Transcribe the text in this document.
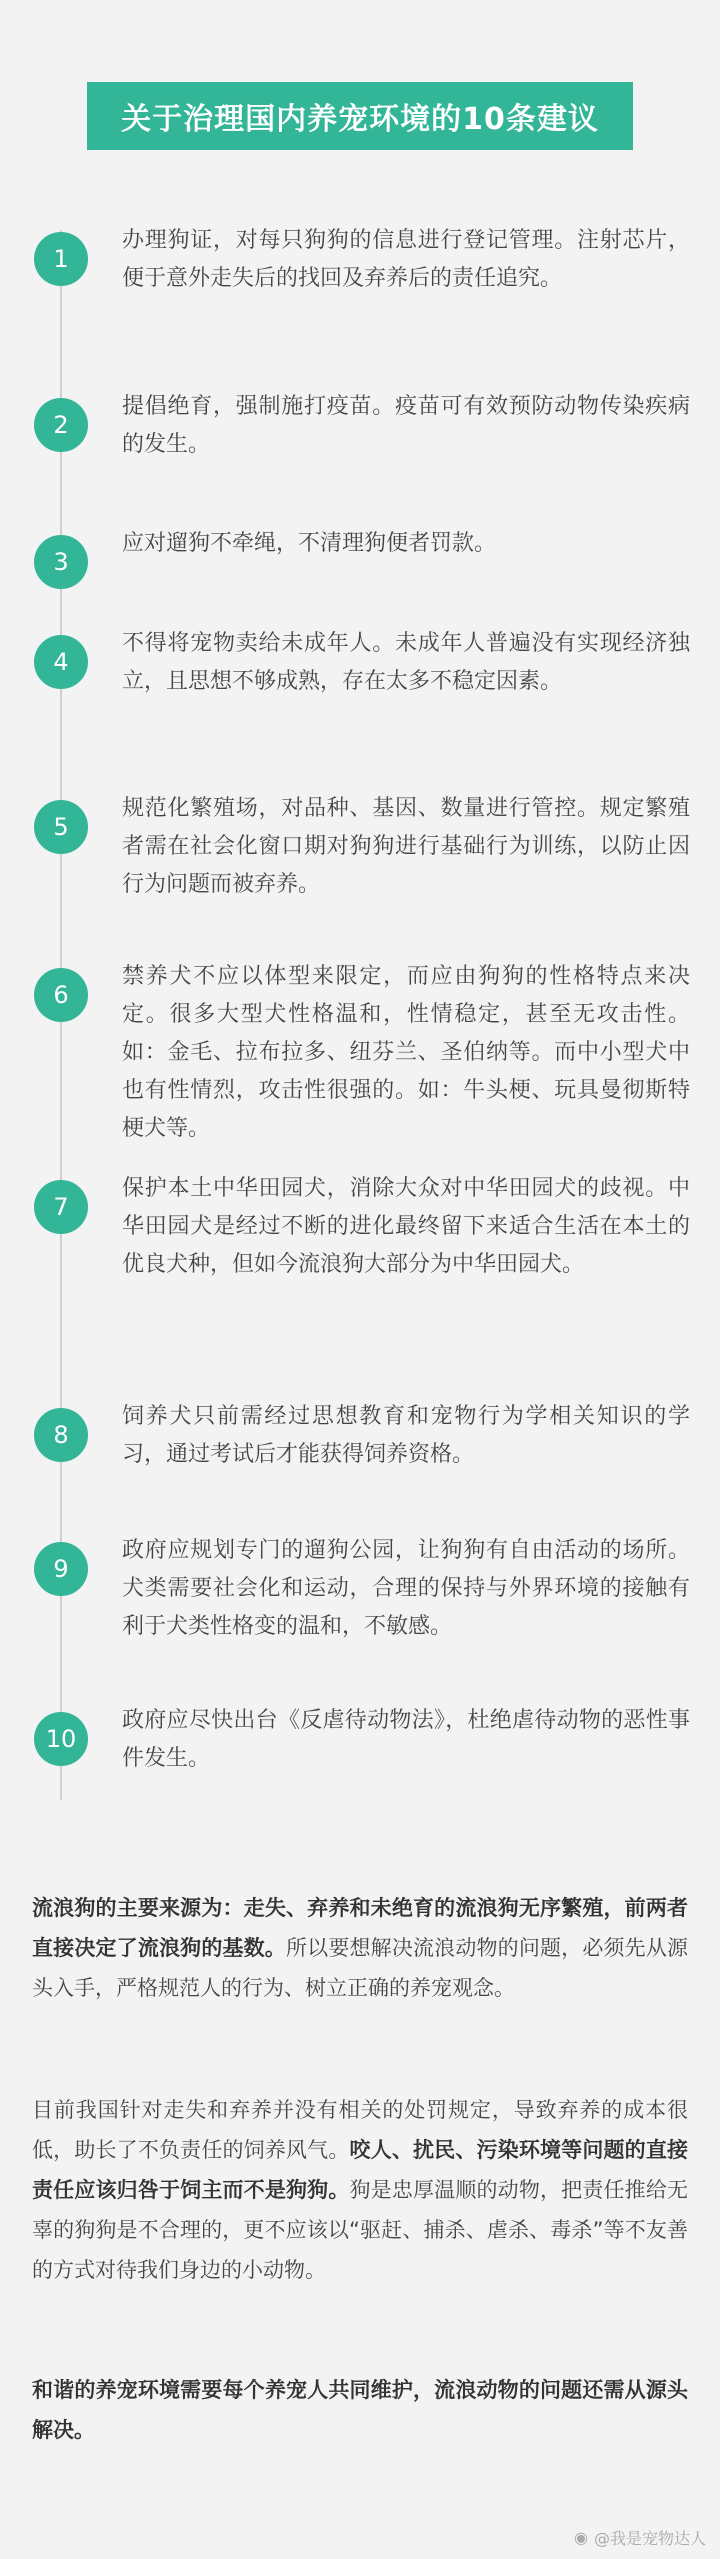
关于治理国内养宠环境的10条建议
1

办理狗证，对每只狗狗的信息进行登记管理。注射芯片，便于意外走失后的找回及弃养后的责任追究。

2

提倡绝育，强制施打疫苗。疫苗可有效预防动物传染疾病的发生。

3

应对遛狗不牵绳，不清理狗便者罚款。

4

不得将宠物卖给未成年人。未成年人普遍没有实现经济独立，且思想不够成熟，存在太多不稳定因素。

5

规范化繁殖场，对品种、基因、数量进行管控。规定繁殖者需在社会化窗口期对狗狗进行基础行为训练，以防止因行为问题而被弃养。

6

禁养犬不应以体型来限定，而应由狗狗的性格特点来决定。很多大型犬性格温和，性情稳定，甚至无攻击性。如：金毛、拉布拉多、纽芬兰、圣伯纳等。而中小型犬中也有性情烈，攻击性很强的。如：牛头梗、玩具曼彻斯特梗犬等。

7

保护本土中华田园犬，消除大众对中华田园犬的歧视。中华田园犬是经过不断的进化最终留下来适合生活在本土的优良犬种，但如今流浪狗大部分为中华田园犬。

8

饲养犬只前需经过思想教育和宠物行为学相关知识的学习，通过考试后才能获得饲养资格。

9

政府应规划专门的遛狗公园，让狗狗有自由活动的场所。犬类需要社会化和运动，合理的保持与外界环境的接触有利于犬类性格变的温和，不敏感。

10

政府应尽快出台《反虐待动物法》，杜绝虐待动物的恶性事件发生。

流浪狗的主要来源为：走失、弃养和未绝育的流浪狗无序繁殖，前两者直接决定了流浪狗的基数。所以要想解决流浪动物的问题，必须先从源头入手，严格规范人的行为、树立正确的养宠观念。

目前我国针对走失和弃养并没有相关的处罚规定，导致弃养的成本很低，助长了不负责任的饲养风气。咬人、扰民、污染环境等问题的直接责任应该归咎于饲主而不是狗狗。狗是忠厚温顺的动物，把责任推给无辜的狗狗是不合理的，更不应该以“驱赶、捕杀、虐杀、毒杀”等不友善的方式对待我们身边的小动物。

和谐的养宠环境需要每个养宠人共同维护，流浪动物的问题还需从源头解决。

◉ @我是宠物达人
